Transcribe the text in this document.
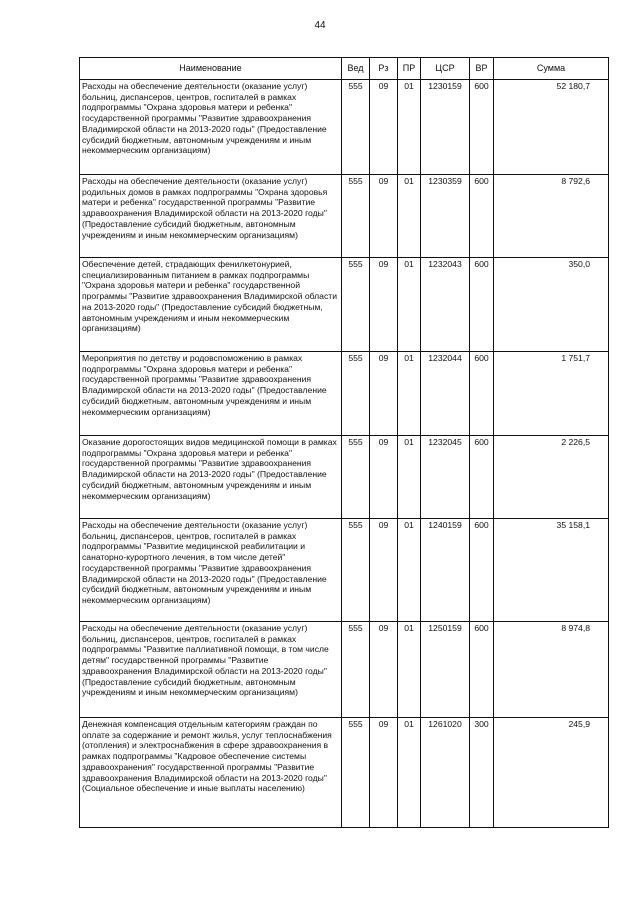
44
Наименование	Вед	Рз	ПР	ЦСР	ВР	Сумма
Расходы на обеспечение деятельности (оказание услуг) больниц, диспансеров, центров, госпиталей в рамках подпрограммы "Охрана здоровья матери и ребенка" государственной программы "Развитие здравоохранения Владимирской области на 2013-2020 годы" (Предоставление субсидий бюджетным, автономным учреждениям и иным некоммерческим организациям)	555	09	01	1230159	600	52 180,7
Расходы на обеспечение деятельности (оказание услуг) родильных домов в рамках подпрограммы "Охрана здоровья матери и ребенка" государственной программы "Развитие здравоохранения Владимирской области на 2013-2020 годы" (Предоставление субсидий бюджетным, автономным учреждениям и иным некоммерческим организациям)	555	09	01	1230359	600	8 792,6
Обеспечение детей, страдающих фенилкетонурией, специализированным питанием в рамках подпрограммы "Охрана здоровья матери и ребенка" государственной программы "Развитие здравоохранения Владимирской области на 2013-2020 годы" (Предоставление субсидий бюджетным, автономным учреждениям и иным некоммерческим организациям)	555	09	01	1232043	600	350,0
Мероприятия по детству и родовспоможению в рамках подпрограммы "Охрана здоровья матери и ребенка" государственной программы "Развитие здравоохранения Владимирской области на 2013-2020 годы" (Предоставление субсидий бюджетным, автономным учреждениям и иным некоммерческим организациям)	555	09	01	1232044	600	1 751,7
Оказание дорогостоящих видов медицинской помощи в рамках подпрограммы "Охрана здоровья матери и ребенка" государственной программы "Развитие здравоохранения Владимирской области на 2013-2020 годы" (Предоставление субсидий бюджетным, автономным учреждениям и иным некоммерческим организациям)	555	09	01	1232045	600	2 226,5
Расходы на обеспечение деятельности (оказание услуг) больниц, диспансеров, центров, госпиталей в рамках подпрограммы "Развитие медицинской реабилитации и санаторно-курортного лечения, в том числе детей" государственной программы "Развитие здравоохранения Владимирской области на 2013-2020 годы" (Предоставление субсидий бюджетным, автономным учреждениям и иным некоммерческим организациям)	555	09	01	1240159	600	35 158,1
Расходы на обеспечение деятельности (оказание услуг) больниц, диспансеров, центров, госпиталей в рамках подпрограммы "Развитие паллиативной помощи, в том числе детям" государственной программы "Развитие здравоохранения Владимирской области на 2013-2020 годы" (Предоставление субсидий бюджетным, автономным учреждениям и иным некоммерческим организациям)	555	09	01	1250159	600	8 974,8
Денежная компенсация отдельным категориям граждан по оплате за содержание и ремонт жилья, услуг теплоснабжения (отопления) и электроснабжения в сфере здравоохранения в рамках подпрограммы "Кадровое обеспечение системы здравоохранения" государственной программы "Развитие здравоохранения Владимирской области на 2013-2020 годы" (Социальное обеспечение и иные выплаты населению)	555	09	01	1261020	300	245,9
